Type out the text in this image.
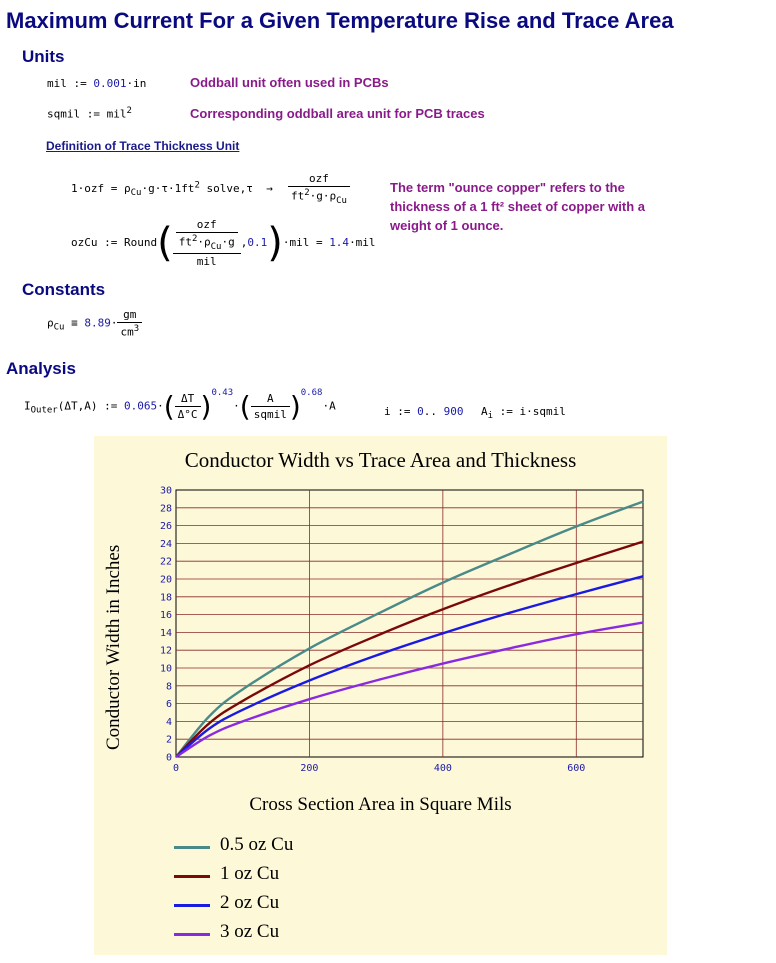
Maximum Current For a Given Temperature Rise and Trace Area
Units
mil := 0.001·in	Oddball unit often used in PCBs
sqmil := mil$^2$	Corresponding oddball area unit for PCB traces
Definition of Trace Thickness Unit
$1\cdot ozf = \rho_{Cu}\cdot g\cdot\tau\cdot 1ft^2$ solve,τ  → $\frac{\text{ozf}}{ft^2\cdot g\cdot\rho_{Cu}}$	The term "ounce copper" refers to the thickness of a 1 ft² sheet of copper with a weight of 1 ounce.
ozCu := Round( $\frac{\frac{\text{ozf}}{ft^2\cdot\rho_{Cu}\cdot g}}{\text{mil}} ,0.1)\cdot mil = 1.4\cdot mil$
Constants
$\rho_{Cu} \equiv 8.89\cdot \frac{gm}{cm^3}$
Analysis
$I_{Outer}(\Delta T,A)$ := $0.065\cdot( \frac{\Delta T}{\Delta^\circ C} )^{0.43}\cdot( \frac{A}{\text{sqmil}} )^{0.68}\cdot A$	i := 0.. 900 $A_i$ := i·sqmil
Conductor Width vs Trace Area and Thickness
0
2
4
6
8
10
12
14
16
18
20
22
24
26
28
30
0	200	400	600
Conductor Width in Inches
Cross Section Area in Square Mils
0.5 oz Cu
1 oz Cu
2 oz Cu
3 oz Cu
